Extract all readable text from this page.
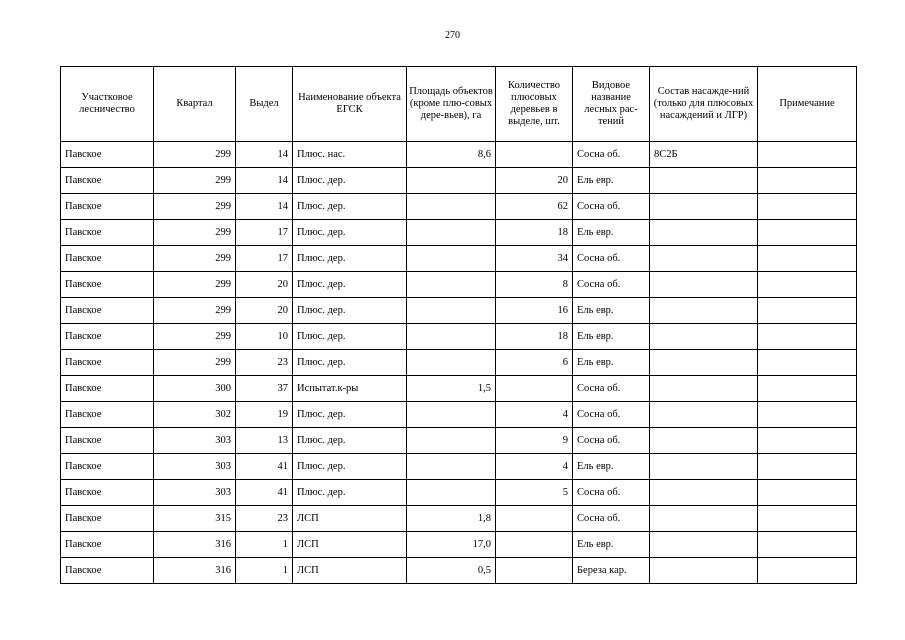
270
Участковое лесничество	Квартал	Выдел	Наименование объекта ЕГСК	Площадь объектов (кроме плю-совых дере-вьев), га	Количество плюсовых деревьев в выделе, шт.	Видовое название лесных рас-тений	Состав насажде-ний (только для плюсовых насаждений и ЛГР)	Примечание
Павское	299	14	Плюс. нас.	8,6		Сосна об.	8С2Б	
Павское	299	14	Плюс. дер.		20	Ель евр.		
Павское	299	14	Плюс. дер.		62	Сосна об.		
Павское	299	17	Плюс. дер.		18	Ель евр.		
Павское	299	17	Плюс. дер.		34	Сосна об.		
Павское	299	20	Плюс. дер.		8	Сосна об.		
Павское	299	20	Плюс. дер.		16	Ель евр.		
Павское	299	10	Плюс. дер.		18	Ель евр.		
Павское	299	23	Плюс. дер.		6	Ель евр.		
Павское	300	37	Испытат.к-ры	1,5		Сосна об.		
Павское	302	19	Плюс. дер.		4	Сосна об.		
Павское	303	13	Плюс. дер.		9	Сосна об.		
Павское	303	41	Плюс. дер.		4	Ель евр.		
Павское	303	41	Плюс. дер.		5	Сосна об.		
Павское	315	23	ЛСП	1,8		Сосна об.		
Павское	316	1	ЛСП	17,0		Ель евр.		
Павское	316	1	ЛСП	0,5		Береза кар.		
